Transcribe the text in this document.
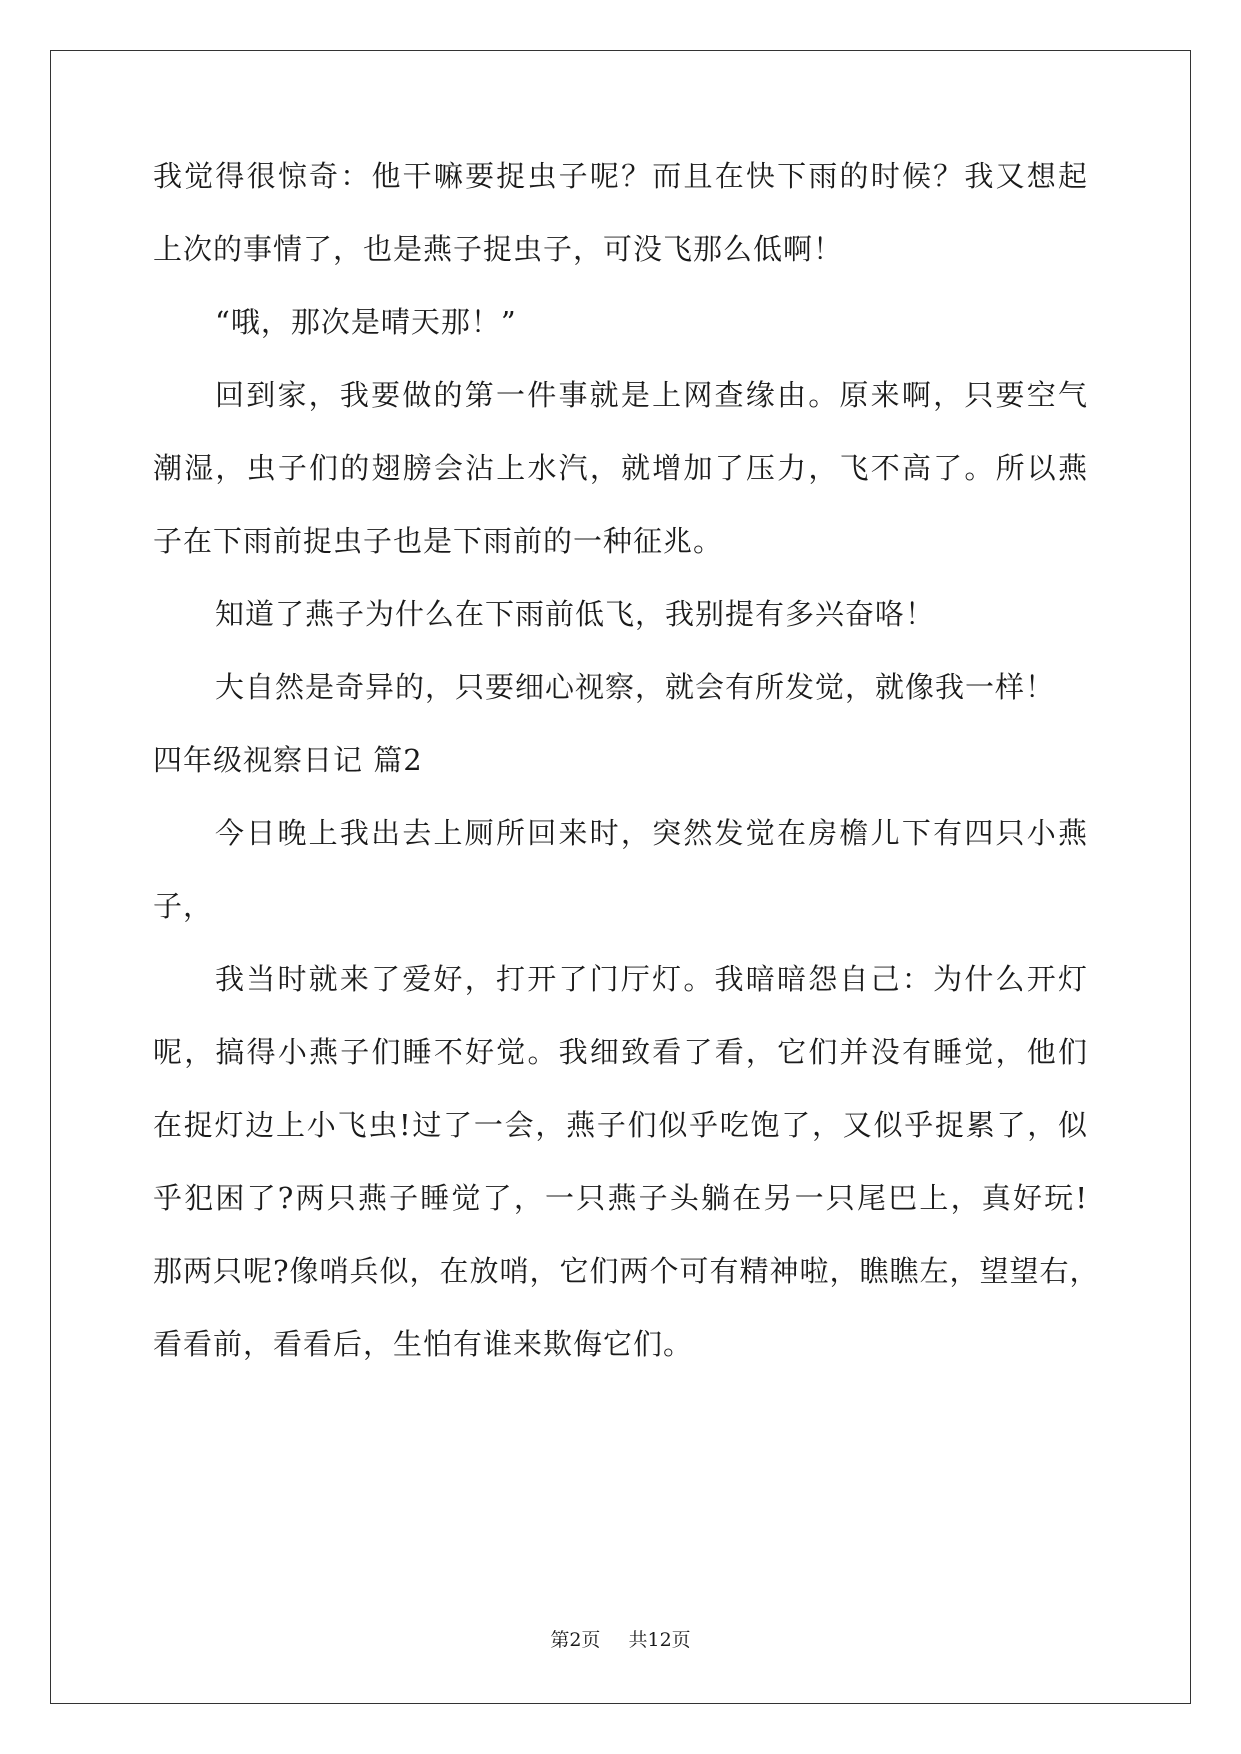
我觉得很惊奇：他干嘛要捉虫子呢？而且在快下雨的时候？我又想起
上次的事情了，也是燕子捉虫子，可没飞那么低啊！
“哦，那次是晴天那！”
回到家，我要做的第一件事就是上网查缘由。原来啊，只要空气
潮湿，虫子们的翅膀会沾上水汽，就增加了压力，飞不高了。所以燕
子在下雨前捉虫子也是下雨前的一种征兆。
知道了燕子为什么在下雨前低飞，我别提有多兴奋咯！
大自然是奇异的，只要细心视察，就会有所发觉，就像我一样！
四年级视察日记 篇2
今日晚上我出去上厕所回来时，突然发觉在房檐儿下有四只小燕
子，
我当时就来了爱好，打开了门厅灯。我暗暗怨自己：为什么开灯
呢，搞得小燕子们睡不好觉。我细致看了看，它们并没有睡觉，他们
在捉灯边上小飞虫!过了一会，燕子们似乎吃饱了，又似乎捉累了，似
乎犯困了?两只燕子睡觉了，一只燕子头躺在另一只尾巴上，真好玩!
那两只呢?像哨兵似，在放哨，它们两个可有精神啦，瞧瞧左，望望右，
看看前，看看后，生怕有谁来欺侮它们。
第2页 共12页
